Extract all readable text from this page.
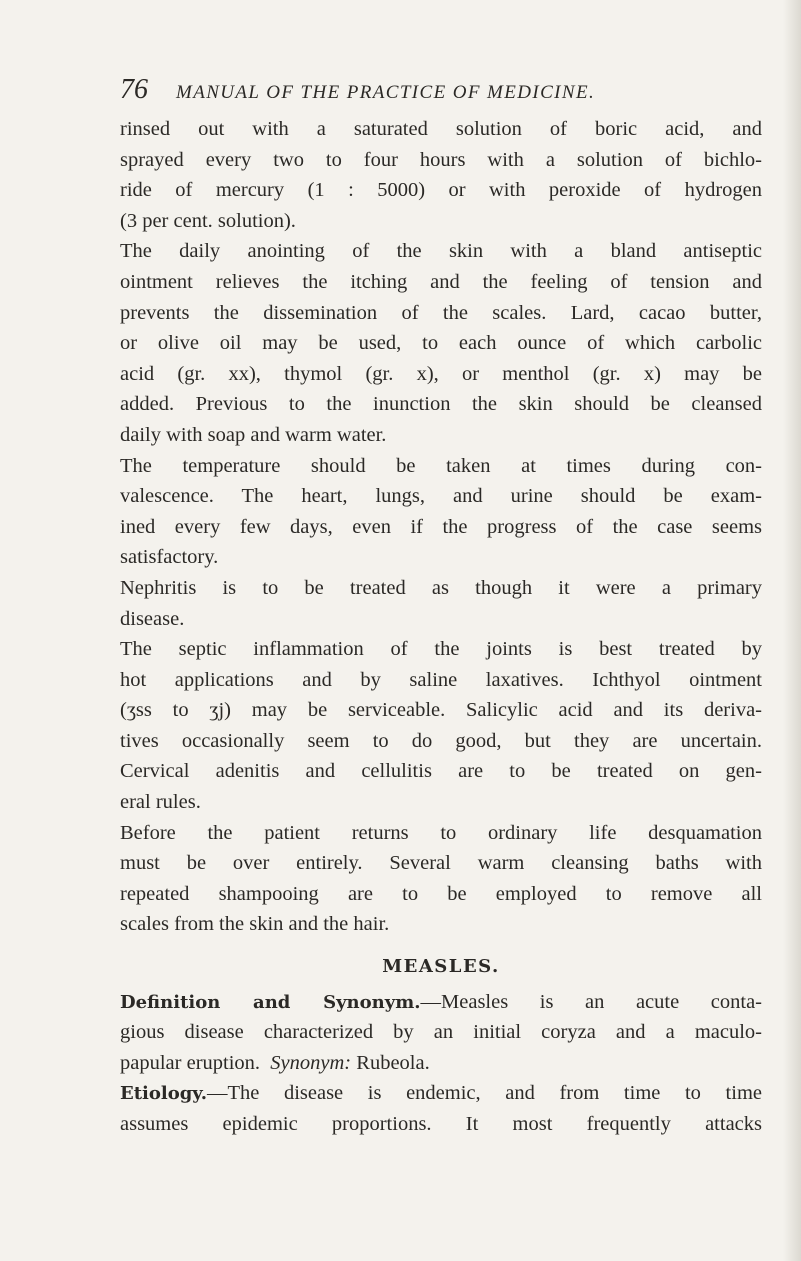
76 MANUAL OF THE PRACTICE OF MEDICINE.
rinsed out with a saturated solution of boric acid, and
sprayed every two to four hours with a solution of bichlo-
ride of mercury (1 : 5000) or with peroxide of hydrogen
(3 per cent. solution).
The daily anointing of the skin with a bland antiseptic
ointment relieves the itching and the feeling of tension and
prevents the dissemination of the scales. Lard, cacao butter,
or olive oil may be used, to each ounce of which carbolic
acid (gr. xx), thymol (gr. x), or menthol (gr. x) may be
added. Previous to the inunction the skin should be cleansed
daily with soap and warm water.
The temperature should be taken at times during con-
valescence. The heart, lungs, and urine should be exam-
ined every few days, even if the progress of the case seems
satisfactory.
Nephritis is to be treated as though it were a primary
disease.
The septic inflammation of the joints is best treated by
hot applications and by saline laxatives. Ichthyol ointment
(ʒss to ʒj) may be serviceable. Salicylic acid and its deriva-
tives occasionally seem to do good, but they are uncertain.
Cervical adenitis and cellulitis are to be treated on gen-
eral rules.
Before the patient returns to ordinary life desquamation
must be over entirely. Several warm cleansing baths with
repeated shampooing are to be employed to remove all
scales from the skin and the hair.
MEASLES.
Definition and Synonym.—Measles is an acute conta-
gious disease characterized by an initial coryza and a maculo-
papular eruption. Synonym: Rubeola.
Etiology.—The disease is endemic, and from time to time
assumes epidemic proportions. It most frequently attacks
